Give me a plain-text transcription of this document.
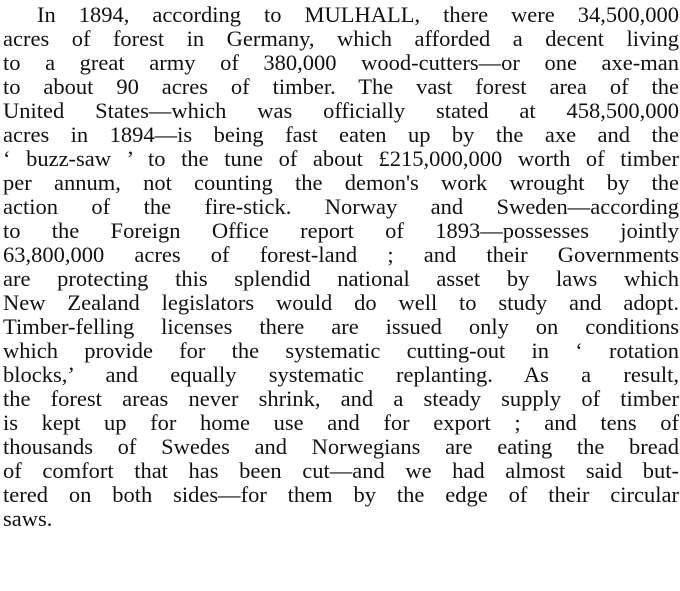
In 1894, according to MULHALL, there were 34,500,000
acres of forest in Germany, which afforded a decent living
to a great army of 380,000 wood-cutters—or one axe-man
to about 90 acres of timber. The vast forest area of the
United States—which was officially stated at 458,500,000
acres in 1894—is being fast eaten up by the axe and the
‘ buzz-saw ’ to the tune of about £215,000,000 worth of timber
per annum, not counting the demon's work wrought by the
action of the fire-stick. Norway and Sweden—according
to the Foreign Office report of 1893—possesses jointly
63,800,000 acres of forest-land ; and their Governments
are protecting this splendid national asset by laws which
New Zealand legislators would do well to study and adopt.
Timber-felling licenses there are issued only on conditions
which provide for the systematic cutting-out in ‘ rotation
blocks,’ and equally systematic replanting. As a result,
the forest areas never shrink, and a steady supply of timber
is kept up for home use and for export ; and tens of
thousands of Swedes and Norwegians are eating the bread
of comfort that has been cut—and we had almost said but-
tered on both sides—for them by the edge of their circular
saws.
